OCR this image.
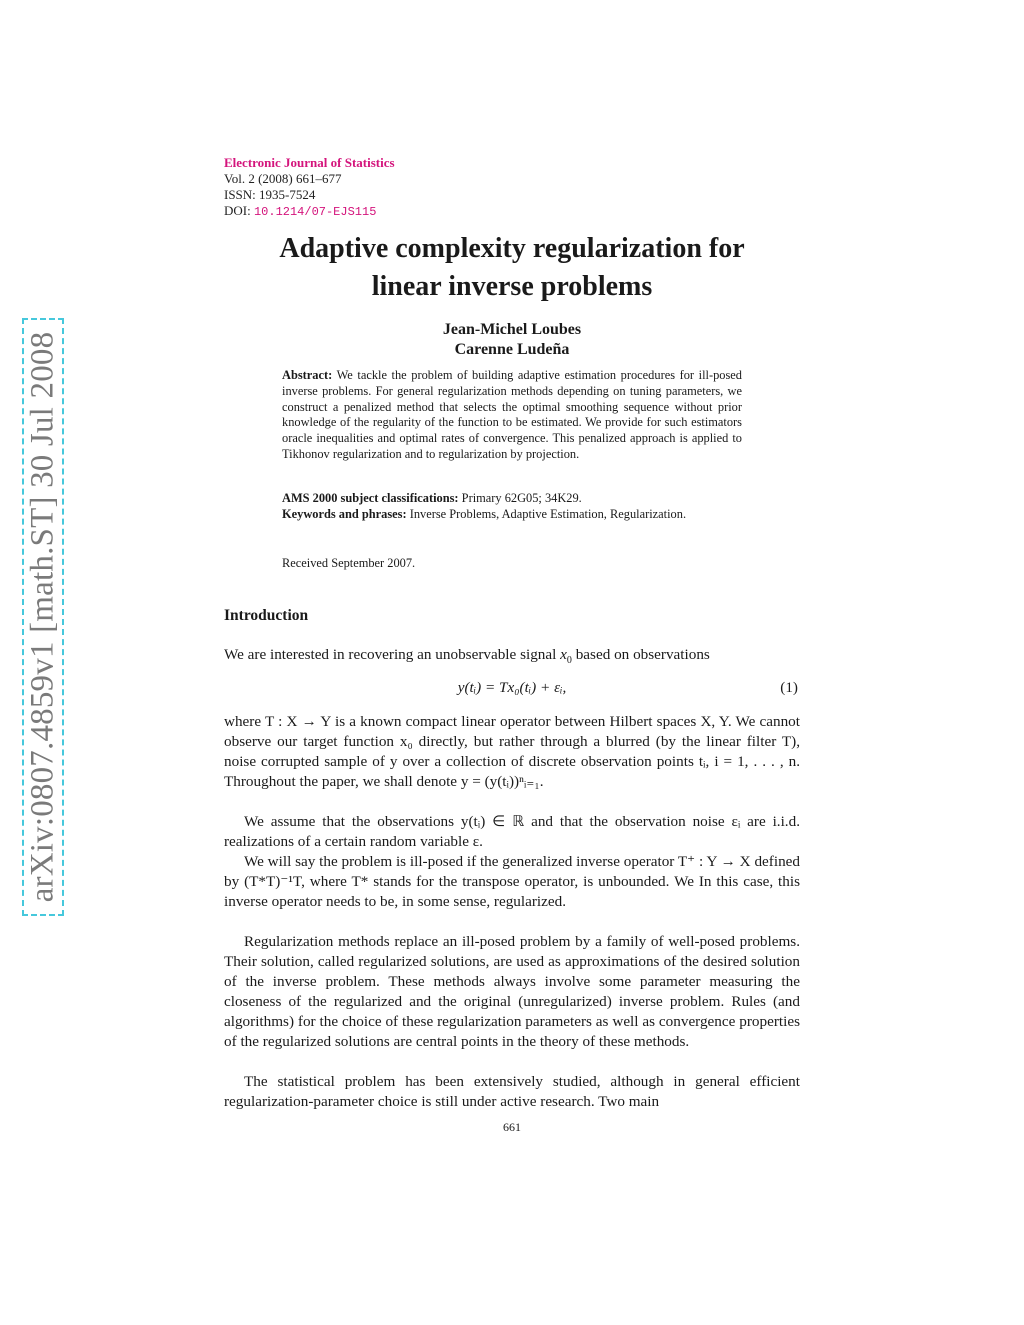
arXiv:0807.4859v1 [math.ST] 30 Jul 2008
Electronic Journal of Statistics
Vol. 2 (2008) 661–677
ISSN: 1935-7524
DOI: 10.1214/07-EJS115
Adaptive complexity regularization for
linear inverse problems
Jean-Michel Loubes
Carenne Ludeña
Abstract: We tackle the problem of building adaptive estimation procedures for ill-posed inverse problems. For general regularization methods depending on tuning parameters, we construct a penalized method that selects the optimal smoothing sequence without prior knowledge of the regularity of the function to be estimated. We provide for such estimators oracle inequalities and optimal rates of convergence. This penalized approach is applied to Tikhonov regularization and to regularization by projection.
AMS 2000 subject classifications: Primary 62G05; 34K29.
Keywords and phrases: Inverse Problems, Adaptive Estimation, Regularization.
Received September 2007.
Introduction

We are interested in recovering an unobservable signal $x_0$ based on observations

y(tᵢ) = Tx₀(tᵢ) + εᵢ,	(1)

where T : X → Y is a known compact linear operator between Hilbert spaces X, Y. We cannot observe our target function x₀ directly, but rather through a blurred (by the linear filter T), noise corrupted sample of y over a collection of discrete observation points tᵢ, i = 1, . . . , n. Throughout the paper, we shall denote y = (y(tᵢ))ⁿᵢ₌₁.

We assume that the observations y(tᵢ) ∈ ℝ and that the observation noise εᵢ are i.i.d. realizations of a certain random variable ε.

We will say the problem is ill-posed if the generalized inverse operator T⁺ : Y → X defined by (T*T)⁻¹T, where T* stands for the transpose operator, is unbounded. We In this case, this inverse operator needs to be, in some sense, regularized.

Regularization methods replace an ill-posed problem by a family of well-posed problems. Their solution, called regularized solutions, are used as approximations of the desired solution of the inverse problem. These methods always involve some parameter measuring the closeness of the regularized and the original (unregularized) inverse problem. Rules (and algorithms) for the choice of these regularization parameters as well as convergence properties of the regularized solutions are central points in the theory of these methods.

The statistical problem has been extensively studied, although in general efficient regularization-parameter choice is still under active research. Two main

661
